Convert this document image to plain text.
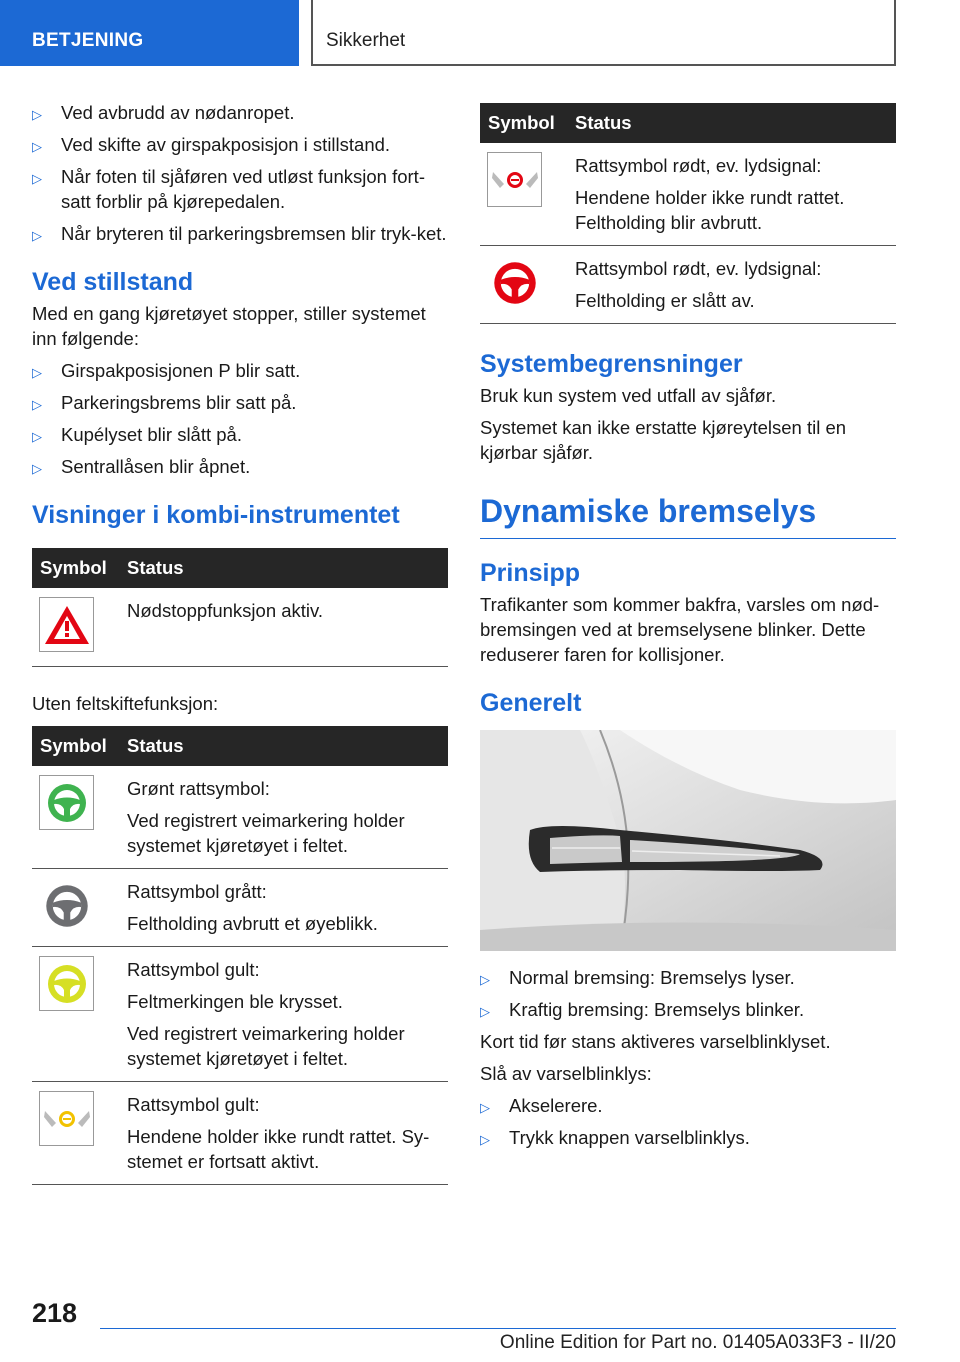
BETJENING	Sikkerhet
▷ Ved avbrudd av nødanropet.
▷ Ved skifte av girspakposisjon i stillstand.
▷ Når foten til sjåføren ved utløst funksjon fort‐satt forblir på kjørepedalen.
▷ Når bryteren til parkeringsbremsen blir tryk‐ket.
Ved stillstand
Med en gang kjøretøyet stopper, stiller systemet inn følgende:
▷ Girspakposisjonen P blir satt.
▷ Parkeringsbrems blir satt på.
▷ Kupélyset blir slått på.
▷ Sentrallåsen blir åpnet.
Visninger i kombi-instrumentet
Symbol	Status

Nødstoppfunksjon aktiv.
Uten feltskiftefunksjon:
Symbol	Status

Grønt rattsymbol:
Ved registrert veimarkering holder systemet kjøretøyet i feltet.

Rattsymbol grått:
Feltholding avbrutt et øyeblikk.

Rattsymbol gult:
Feltmerkingen ble krysset.
Ved registrert veimarkering holder systemet kjøretøyet i feltet.

Rattsymbol gult:
Hendene holder ikke rundt rattet. Sy‐stemet er fortsatt aktivt.
Symbol	Status

Rattsymbol rødt, ev. lydsignal:
Hendene holder ikke rundt rattet. Feltholding blir avbrutt.

Rattsymbol rødt, ev. lydsignal:
Feltholding er slått av.
Systembegrensninger
Bruk kun system ved utfall av sjåfør.
Systemet kan ikke erstatte kjøreytelsen til en kjørbar sjåfør.
Dynamiske bremselys
Prinsipp
Trafikanter som kommer bakfra, varsles om nød‐bremsingen ved at bremselysene blinker. Dette reduserer faren for kollisjoner.
Generelt
▷ Normal bremsing: Bremselys lyser.
▷ Kraftig bremsing: Bremselys blinker.
Kort tid før stans aktiveres varselblinklyset.
Slå av varselblinklys:
▷ Akselerere.
▷ Trykk knappen varselblinklys.
218
Online Edition for Part no. 01405A033F3 - II/20
